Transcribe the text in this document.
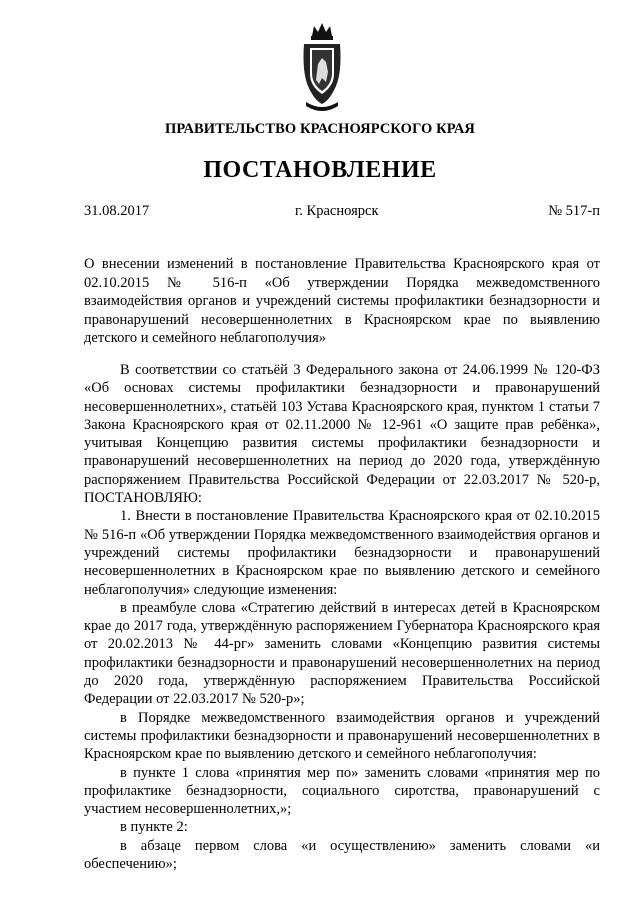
ПРАВИТЕЛЬСТВО КРАСНОЯРСКОГО КРАЯ
ПОСТАНОВЛЕНИЕ
31.08.2017	г. Красноярск	№ 517-п
О внесении изменений в постановление Правительства Красноярского края от 02.10.2015 № 516-п «Об утверждении Порядка межведомственного взаимодействия органов и учреждений системы профилактики безнадзорности и правонарушений несовершеннолетних в Красноярском крае по выявлению детского и семейного неблагополучия»

В соответствии со статьёй 3 Федерального закона от 24.06.1999 № 120-ФЗ «Об основах системы профилактики безнадзорности и правонарушений несовершеннолетних», статьёй 103 Устава Красноярского края, пунктом 1 статьи 7 Закона Красноярского края от 02.11.2000 № 12-961 «О защите прав ребёнка», учитывая Концепцию развития системы профилактики безнадзорности и правонарушений несовершеннолетних на период до 2020 года, утверждённую распоряжением Правительства Российской Федерации от 22.03.2017 № 520-р, ПОСТАНОВЛЯЮ:

1. Внести в постановление Правительства Красноярского края от 02.10.2015 № 516-п «Об утверждении Порядка межведомственного взаимодействия органов и учреждений системы профилактики безнадзорности и правонарушений несовершеннолетних в Красноярском крае по выявлению детского и семейного неблагополучия» следующие изменения:

в преамбуле слова «Стратегию действий в интересах детей в Красноярском крае до 2017 года, утверждённую распоряжением Губернатора Красноярского края от 20.02.2013 № 44-рг» заменить словами «Концепцию развития системы профилактики безнадзорности и правонарушений несовершеннолетних на период до 2020 года, утверждённую распоряжением Правительства Российской Федерации от 22.03.2017 № 520-р»;

в Порядке межведомственного взаимодействия органов и учреждений системы профилактики безнадзорности и правонарушений несовершеннолетних в Красноярском крае по выявлению детского и семейного неблагополучия:

в пункте 1 слова «принятия мер по» заменить словами «принятия мер по профилактике безнадзорности, социального сиротства, правонарушений с участием несовершеннолетних,»;

в пункте 2:

в абзаце первом слова «и осуществлению» заменить словами «и обеспечению»;
